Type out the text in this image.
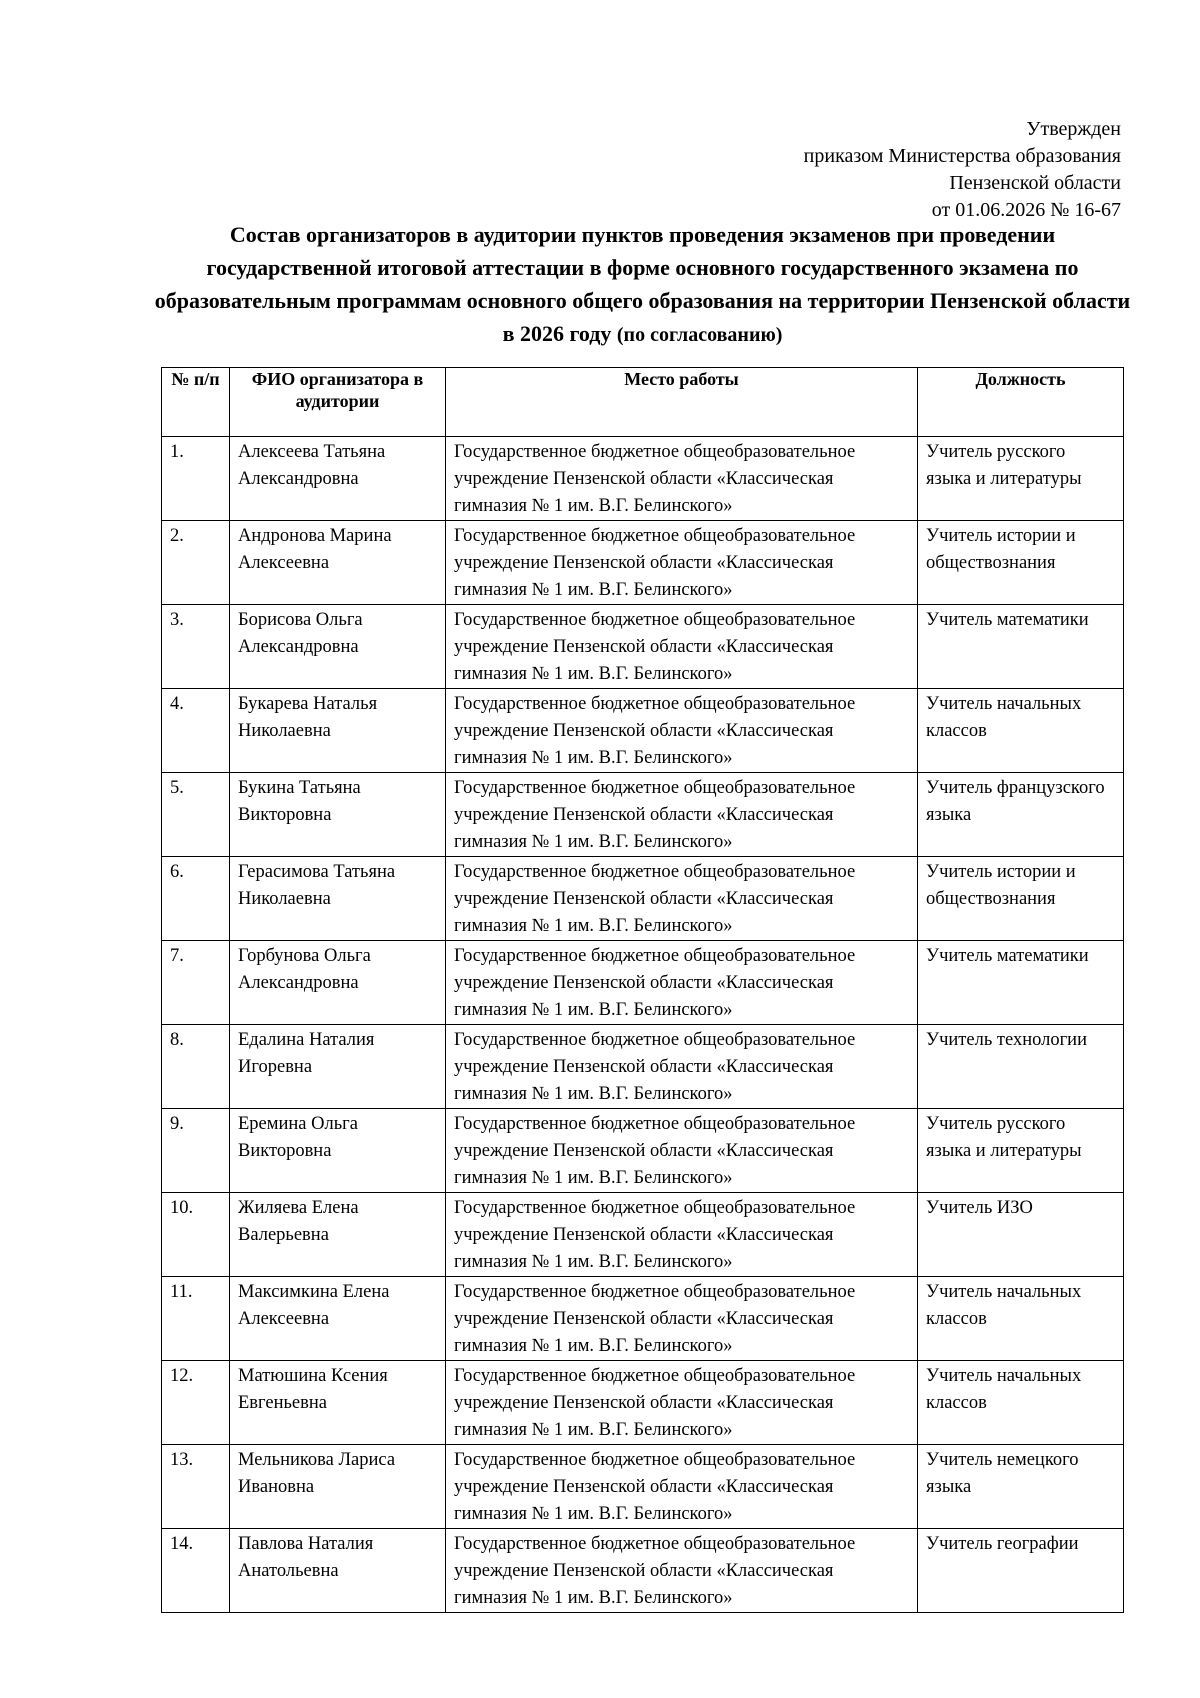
Утвержден
приказом Министерства образования
Пензенской области
от 01.06.2026 № 16-67
Состав организаторов в аудитории пунктов проведения экзаменов при проведении государственной итоговой аттестации в форме основного государственного экзамена по образовательным программам основного общего образования на территории Пензенской области в 2026 году (по согласованию)
№ п/п	ФИО организатора в аудитории	Место работы	Должность
1.	Алексеева Татьяна Александровна	Государственное бюджетное общеобразовательное учреждение Пензенской области «Классическая гимназия № 1 им. В.Г. Белинского»	Учитель русского языка и литературы
2.	Андронова Марина Алексеевна	Государственное бюджетное общеобразовательное учреждение Пензенской области «Классическая гимназия № 1 им. В.Г. Белинского»	Учитель истории и обществознания
3.	Борисова Ольга Александровна	Государственное бюджетное общеобразовательное учреждение Пензенской области «Классическая гимназия № 1 им. В.Г. Белинского»	Учитель математики
4.	Букарева Наталья Николаевна	Государственное бюджетное общеобразовательное учреждение Пензенской области «Классическая гимназия № 1 им. В.Г. Белинского»	Учитель начальных классов
5.	Букина Татьяна Викторовна	Государственное бюджетное общеобразовательное учреждение Пензенской области «Классическая гимназия № 1 им. В.Г. Белинского»	Учитель французского языка
6.	Герасимова Татьяна Николаевна	Государственное бюджетное общеобразовательное учреждение Пензенской области «Классическая гимназия № 1 им. В.Г. Белинского»	Учитель истории и обществознания
7.	Горбунова Ольга Александровна	Государственное бюджетное общеобразовательное учреждение Пензенской области «Классическая гимназия № 1 им. В.Г. Белинского»	Учитель математики
8.	Едалина Наталия Игоревна	Государственное бюджетное общеобразовательное учреждение Пензенской области «Классическая гимназия № 1 им. В.Г. Белинского»	Учитель технологии
9.	Еремина Ольга Викторовна	Государственное бюджетное общеобразовательное учреждение Пензенской области «Классическая гимназия № 1 им. В.Г. Белинского»	Учитель русского языка и литературы
10.	Жиляева Елена Валерьевна	Государственное бюджетное общеобразовательное учреждение Пензенской области «Классическая гимназия № 1 им. В.Г. Белинского»	Учитель ИЗО
11.	Максимкина Елена Алексеевна	Государственное бюджетное общеобразовательное учреждение Пензенской области «Классическая гимназия № 1 им. В.Г. Белинского»	Учитель начальных классов
12.	Матюшина Ксения Евгеньевна	Государственное бюджетное общеобразовательное учреждение Пензенской области «Классическая гимназия № 1 им. В.Г. Белинского»	Учитель начальных классов
13.	Мельникова Лариса Ивановна	Государственное бюджетное общеобразовательное учреждение Пензенской области «Классическая гимназия № 1 им. В.Г. Белинского»	Учитель немецкого языка
14.	Павлова Наталия Анатольевна	Государственное бюджетное общеобразовательное учреждение Пензенской области «Классическая гимназия № 1 им. В.Г. Белинского»	Учитель географии
